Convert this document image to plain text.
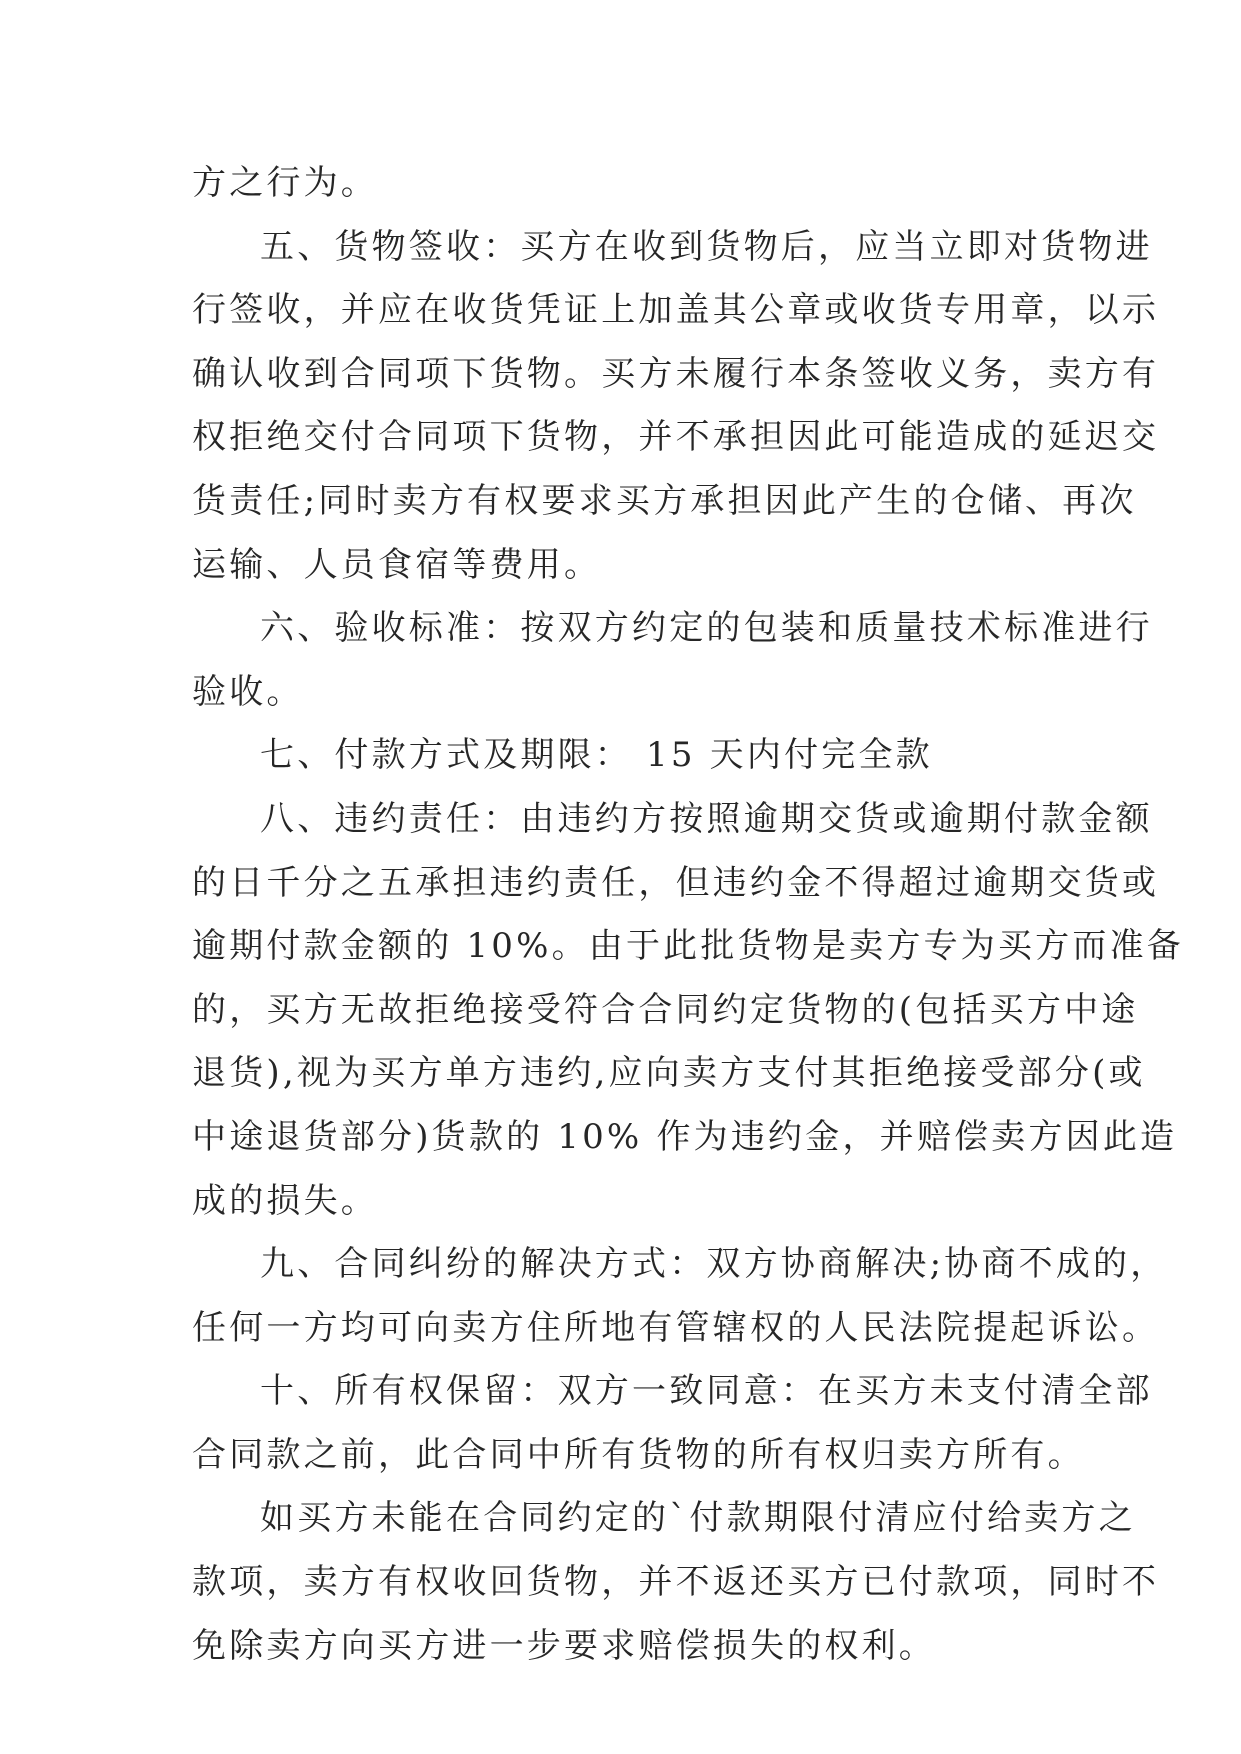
方之行为。
五、货物签收：买方在收到货物后，应当立即对货物进
行签收，并应在收货凭证上加盖其公章或收货专用章，以示
确认收到合同项下货物。买方未履行本条签收义务，卖方有
权拒绝交付合同项下货物，并不承担因此可能造成的延迟交
货责任;同时卖方有权要求买方承担因此产生的仓储、再次
运输、人员食宿等费用。
六、验收标准：按双方约定的包装和质量技术标准进行
验收。
七、付款方式及期限： 15 天内付完全款
八、违约责任：由违约方按照逾期交货或逾期付款金额
的日千分之五承担违约责任，但违约金不得超过逾期交货或
逾期付款金额的 10%。由于此批货物是卖方专为买方而准备
的，买方无故拒绝接受符合合同约定货物的(包括买方中途
退货),视为买方单方违约,应向卖方支付其拒绝接受部分(或
中途退货部分)货款的 10% 作为违约金，并赔偿卖方因此造
成的损失。
九、合同纠纷的解决方式：双方协商解决;协商不成的，
任何一方均可向卖方住所地有管辖权的人民法院提起诉讼。
十、所有权保留：双方一致同意：在买方未支付清全部
合同款之前，此合同中所有货物的所有权归卖方所有。
如买方未能在合同约定的`付款期限付清应付给卖方之
款项，卖方有权收回货物，并不返还买方已付款项，同时不
免除卖方向买方进一步要求赔偿损失的权利。
